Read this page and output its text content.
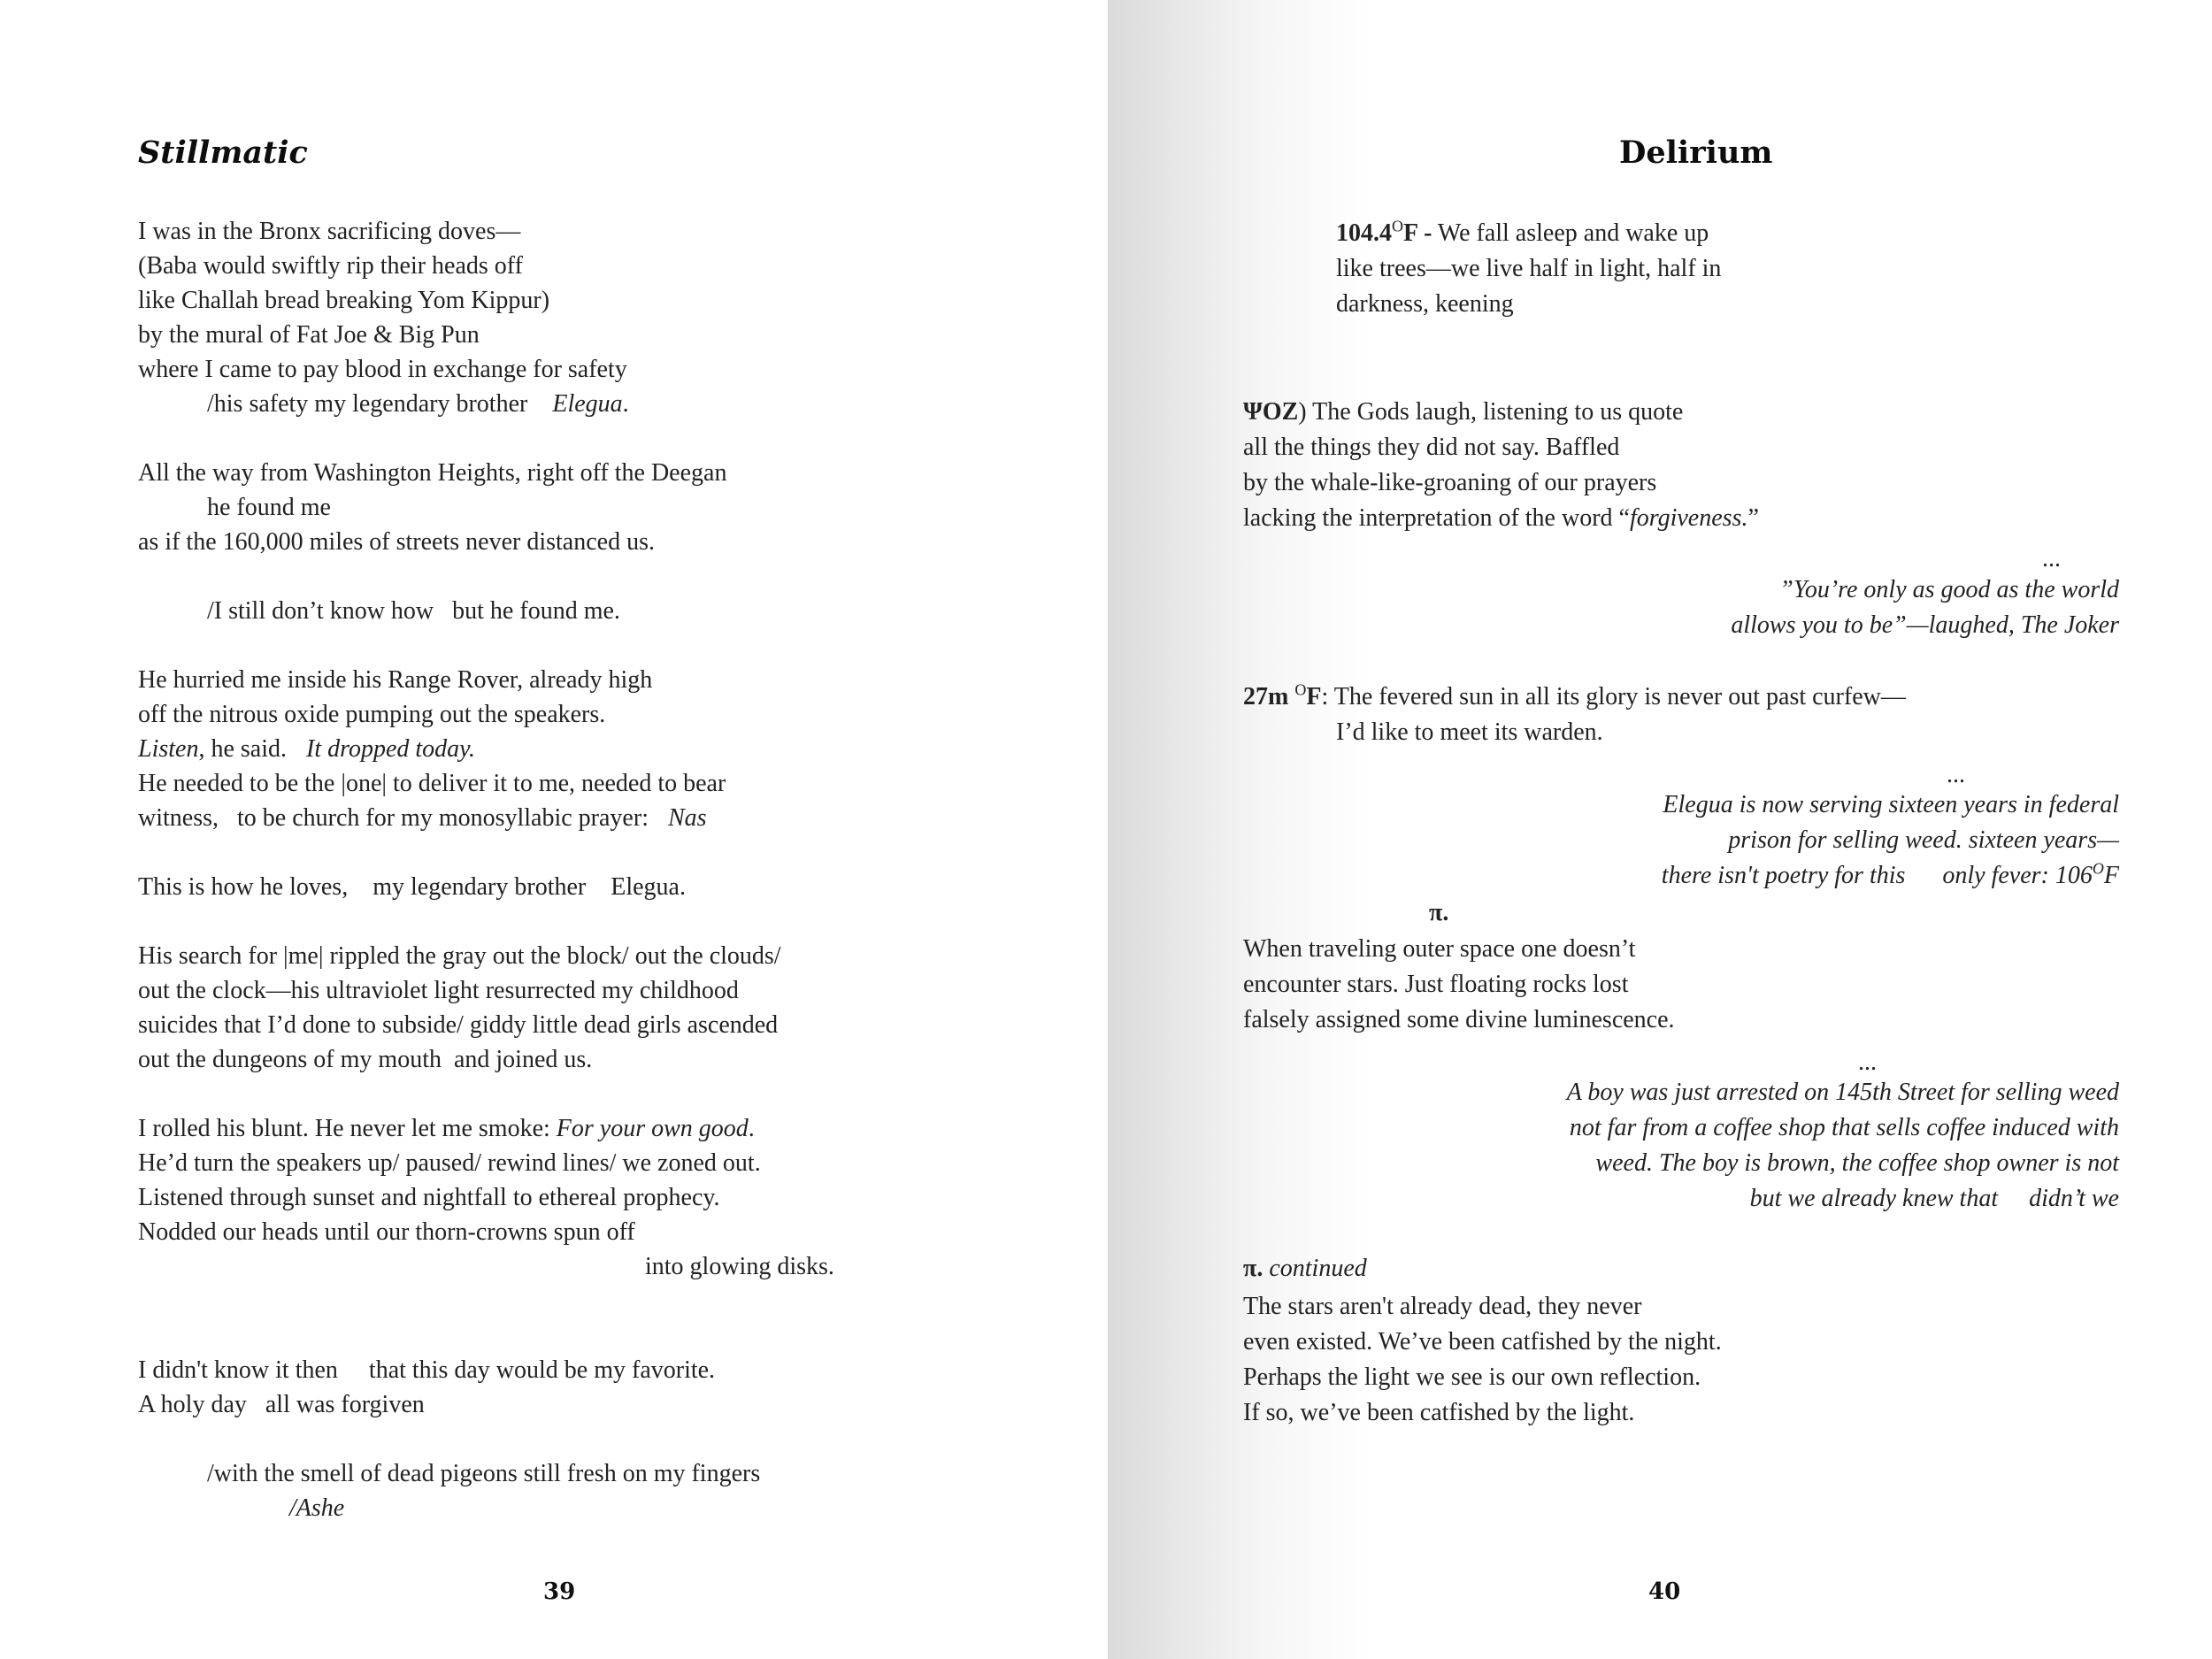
Stillmatic
I was in the Bronx sacrificing doves—
(Baba would swiftly rip their heads off
like Challah bread breaking Yom Kippur)
by the mural of Fat Joe & Big Pun
where I came to pay blood in exchange for safety
/his safety my legendary brother Elegua.
All the way from Washington Heights, right off the Deegan
he found me
as if the 160,000 miles of streets never distanced us.
/I still don’t know how   but he found me.
He hurried me inside his Range Rover, already high
off the nitrous oxide pumping out the speakers.
Listen, he said. It dropped today.
He needed to be the |one| to deliver it to me, needed to bear
witness,   to be church for my monosyllabic prayer: Nas
This is how he loves,    my legendary brother    Elegua.
His search for |me| rippled the gray out the block/ out the clouds/
out the clock—his ultraviolet light resurrected my childhood
suicides that I’d done to subside/ giddy little dead girls ascended
out the dungeons of my mouth  and joined us.
I rolled his blunt. He never let me smoke: For your own good.
He’d turn the speakers up/ paused/ rewind lines/ we zoned out.
Listened through sunset and nightfall to ethereal prophecy.
Nodded our heads until our thorn-crowns spun off
into glowing disks.
I didn't know it then     that this day would be my favorite.
A holy day   all was forgiven
/with the smell of dead pigeons still fresh on my fingers
/Ashe
39
Delirium
$104.4^OF$ - We fall asleep and wake up
like trees—we live half in light, half in
darkness, keening
ΨOZ) The Gods laugh, listening to us quote
all the things they did not say. Baffled
by the whale-like-groaning of our prayers
lacking the interpretation of the word “forgiveness.”
...
”You’re only as good as the world
allows you to be”—laughed, The Joker
27m $^O$F: The fevered sun in all its glory is never out past curfew—
I’d like to meet its warden.
...
Elegua is now serving sixteen years in federal
prison for selling weed. sixteen years—
there isn't poetry for this      only fever: $106^OF$
π.
When traveling outer space one doesn’t
encounter stars. Just floating rocks lost
falsely assigned some divine luminescence.
...
A boy was just arrested on 145th Street for selling weed
not far from a coffee shop that sells coffee induced with
weed. The boy is brown, the coffee shop owner is not
but we already knew that     didn’t we
π. continued
The stars aren't already dead, they never
even existed. We’ve been catfished by the night.
Perhaps the light we see is our own reflection.
If so, we’ve been catfished by the light.
40
